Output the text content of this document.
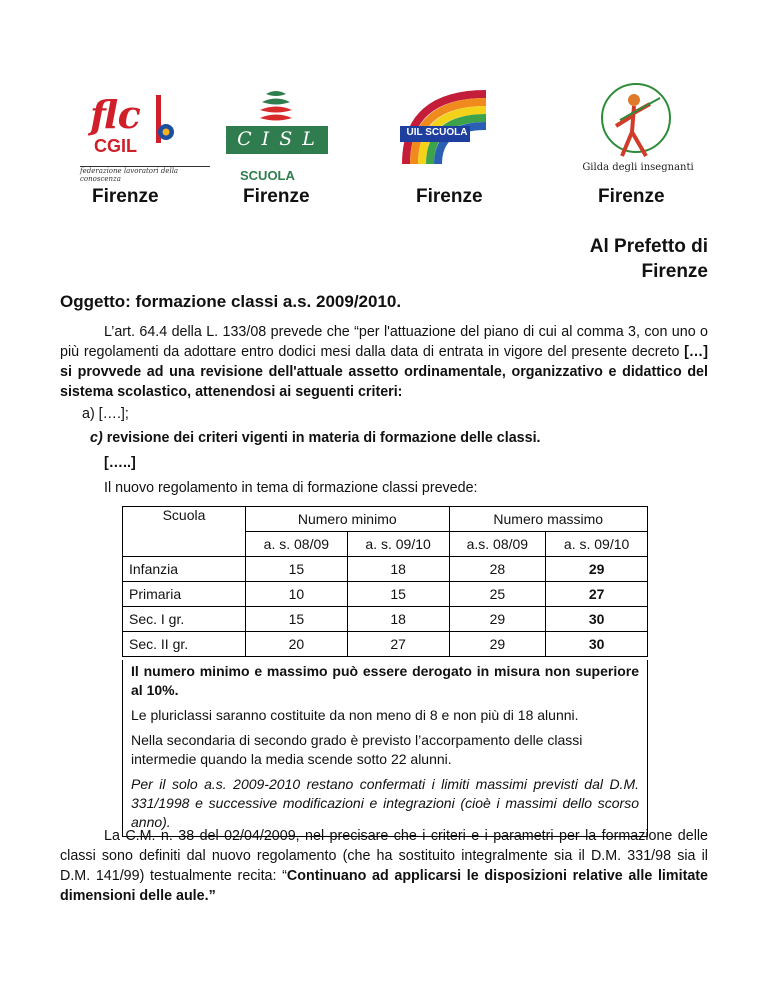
flc
CGIL
federazione lavoratori della conoscenza
C I S L
SCUOLA
UIL SCUOLA
Gilda degli insegnanti
Firenze	Firenze	Firenze	Firenze
Al Prefetto di
Firenze
Oggetto: formazione classi a.s. 2009/2010.
L’art. 64.4 della L. 133/08 prevede che “per l'attuazione del piano di cui al comma 3, con uno o più regolamenti da adottare entro dodici mesi dalla data di entrata in vigore del presente decreto […] si provvede ad una revisione dell'attuale assetto ordinamentale, organizzativo e didattico del sistema scolastico, attenendosi ai seguenti criteri:
a) [….];
c) revisione dei criteri vigenti in materia di formazione delle classi.
[…..]
Il nuovo regolamento in tema di formazione classi prevede:
Scuola	Numero minimo		Numero massimo	
	a. s. 08/09	a. s. 09/10	a.s. 08/09	a. s. 09/10
Infanzia	15	18	28	29
Primaria	10	15	25	27
Sec. I gr.	15	18	29	30
Sec. II gr.	20	27	29	30

Il numero minimo e massimo può essere derogato in misura non superiore al 10%.

Le pluriclassi saranno costituite da non meno di 8 e non più di 18 alunni.

Nella secondaria di secondo grado è previsto l’accorpamento delle classi intermedie quando la media scende sotto 22 alunni.

Per il solo a.s. 2009-2010 restano confermati i limiti massimi previsti dal D.M. 331/1998 e successive modificazioni e integrazioni (cioè i massimi dello scorso anno).

La C.M. n. 38 del 02/04/2009, nel precisare che i criteri e i parametri per la formazione delle classi sono definiti dal nuovo regolamento (che ha sostituito integralmente sia il D.M. 331/98 sia il D.M. 141/99) testualmente recita: “Continuano ad applicarsi le disposizioni relative alle limitate dimensioni delle aule.”
